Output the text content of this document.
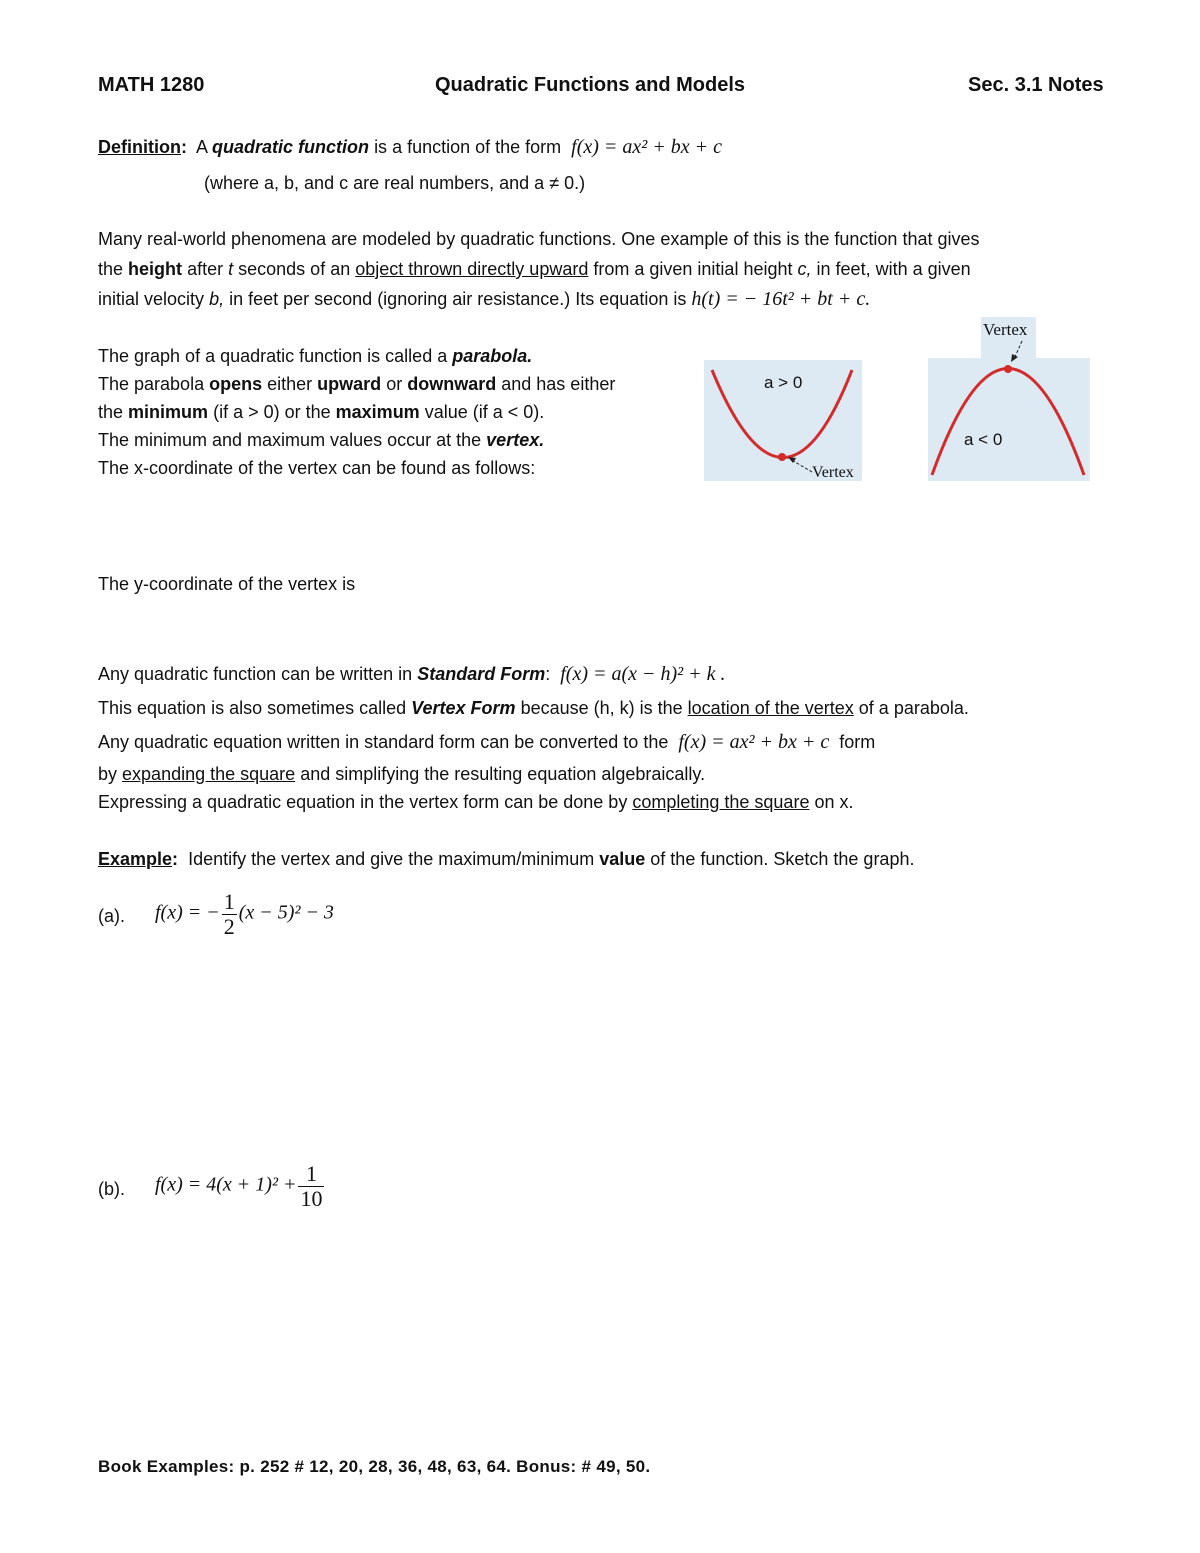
MATH 1280	Quadratic Functions and Models	Sec. 3.1 Notes
Definition: A quadratic function is a function of the form f(x) = ax² + bx + c
(where a, b, and c are real numbers, and a ≠ 0.)
Many real-world phenomena are modeled by quadratic functions. One example of this is the function that gives
the height after t seconds of an object thrown directly upward from a given initial height c, in feet, with a given
initial velocity b, in feet per second (ignoring air resistance.) Its equation is h(t) = − 16t² + bt + c.
The graph of a quadratic function is called a parabola.
The parabola opens either upward or downward and has either
the minimum (if a > 0) or the maximum value (if a < 0).
The minimum and maximum values occur at the vertex.
The x-coordinate of the vertex can be found as follows:
a > 0
Vertex
Vertex
a < 0
The y-coordinate of the vertex is
Any quadratic function can be written in Standard Form:  f(x) = a(x − h)² + k .
This equation is also sometimes called Vertex Form because (h, k) is the location of the vertex of a parabola.
Any quadratic equation written in standard form can be converted to the f(x) = ax² + bx + c form
by expanding the square and simplifying the resulting equation algebraically.
Expressing a quadratic equation in the vertex form can be done by completing the square on x.
Example: Identify the vertex and give the maximum/minimum value of the function. Sketch the graph.
(a). f(x) = − $\frac{1}{2} (x - 5)^2 - 3$
(b). $f(x) = 4(x + 1)^2 + \frac{1}{10}$
Book Examples: p. 252 # 12, 20, 28, 36, 48, 63, 64. Bonus: # 49, 50.
